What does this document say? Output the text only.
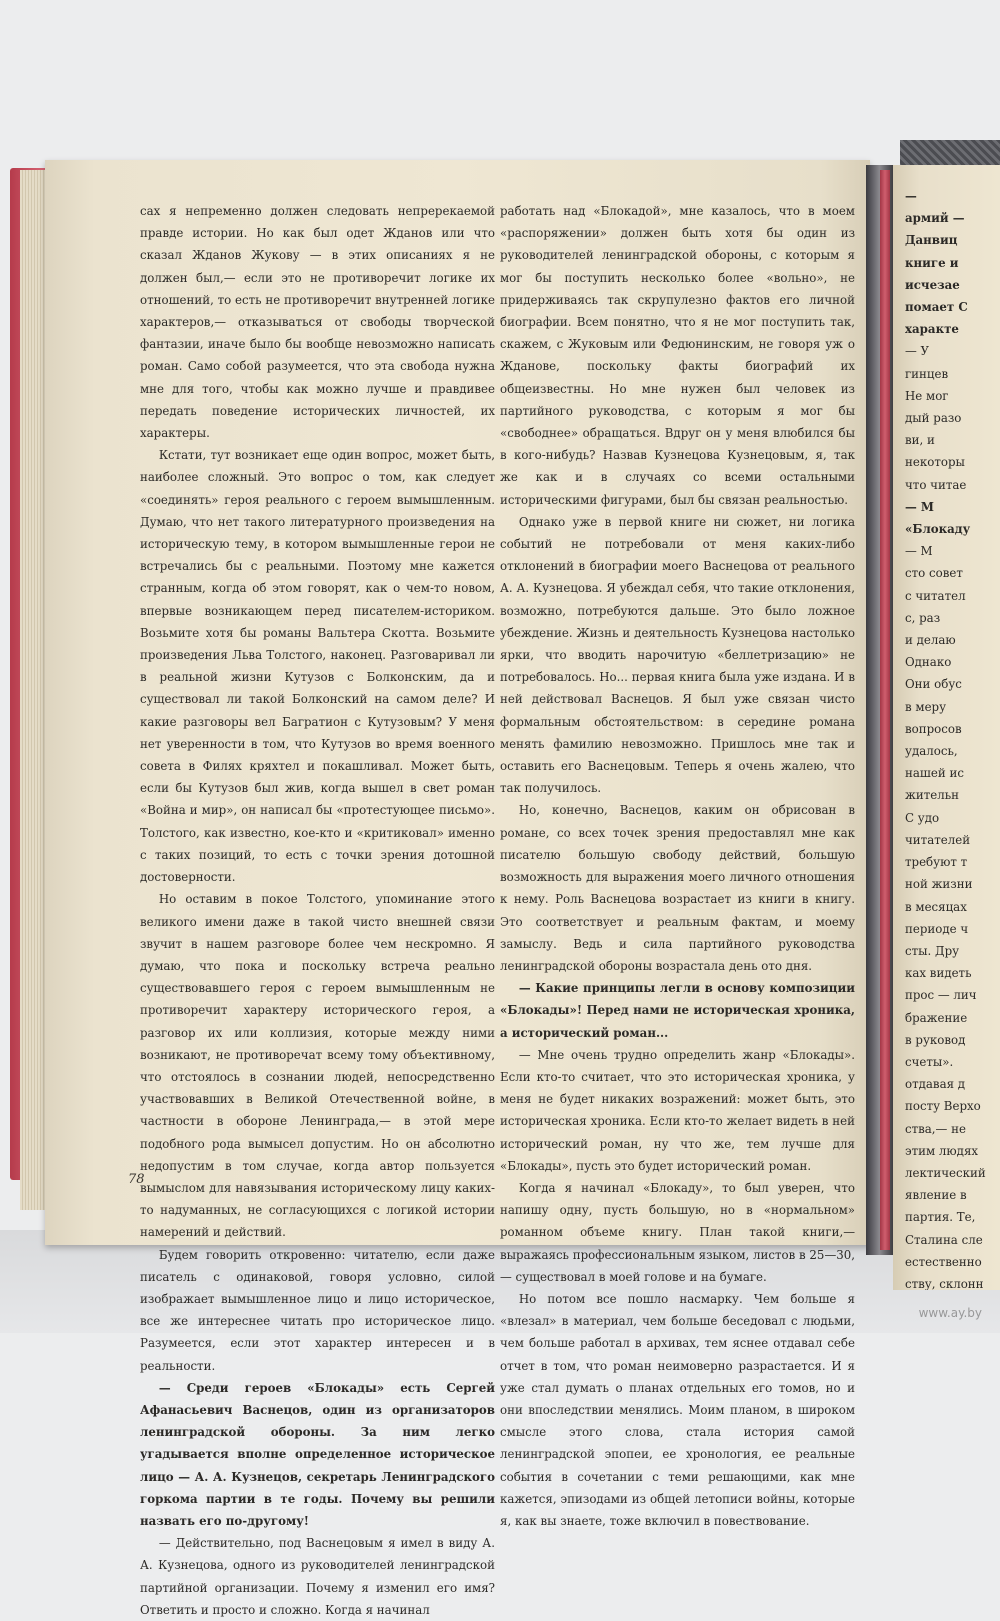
сах я непременно должен следовать непререкаемой правде истории. Но как был одет Жданов или что сказал Жданов Жукову — в этих описаниях я не должен был,— если это не противоречит логике их отношений, то есть не противоречит внутренней логике характеров,— отказываться от свободы творческой фантазии, иначе было бы вообще невозможно написать роман. Само собой разумеется, что эта свобода нужна мне для того, чтобы как можно лучше и правдивее передать поведение исторических личностей, их характеры.

Кстати, тут возникает еще один вопрос, может быть, наиболее сложный. Это вопрос о том, как следует «соединять» героя реального с героем вымышленным. Думаю, что нет такого литературного произведения на историческую тему, в котором вымышленные герои не встречались бы с реальными. Поэтому мне кажется странным, когда об этом говорят, как о чем-то новом, впервые возникающем перед писателем-историком. Возьмите хотя бы романы Вальтера Скотта. Возьмите произведения Льва Толстого, наконец. Разговаривал ли в реальной жизни Кутузов с Болконским, да и существовал ли такой Болконский на самом деле? И какие разговоры вел Багратион с Кутузовым? У меня нет уверенности в том, что Кутузов во время военного совета в Филях кряхтел и покашливал. Может быть, если бы Кутузов был жив, когда вышел в свет роман «Война и мир», он написал бы «протестующее письмо». Толстого, как известно, кое-кто и «критиковал» именно с таких позиций, то есть с точки зрения дотошной достоверности.

Но оставим в покое Толстого, упоминание этого великого имени даже в такой чисто внешней связи звучит в нашем разговоре более чем нескромно. Я думаю, что пока и поскольку встреча реально существовавшего героя с героем вымышленным не противоречит характеру исторического героя, а разговор их или коллизия, которые между ними возникают, не противоречат всему тому объективному, что отстоялось в сознании людей, непосредственно участвовавших в Великой Отечественной войне, в частности в обороне Ленинграда,— в этой мере подобного рода вымысел допустим. Но он абсолютно недопустим в том случае, когда автор пользуется вымыслом для навязывания историческому лицу каких-то надуманных, не согласующихся с логикой истории намерений и действий.

Будем говорить откровенно: читателю, если даже писатель с одинаковой, говоря условно, силой изображает вымышленное лицо и лицо историческое, все же интереснее читать про историческое лицо. Разумеется, если этот характер интересен и в реальности.

— Среди героев «Блокады» есть Сергей Афанасьевич Васнецов, один из организаторов ленинградской обороны. За ним легко угадывается вполне определенное историческое лицо — А. А. Кузнецов, секретарь Ленинградского горкома партии в те годы. Почему вы решили назвать его по-другому!

— Действительно, под Васнецовым я имел в виду А. А. Кузнецова, одного из руководителей ленинградской партийной организации. Почему я изменил его имя? Ответить и просто и сложно. Когда я начинал

работать над «Блокадой», мне казалось, что в моем «распоряжении» должен быть хотя бы один из руководителей ленинградской обороны, с которым я мог бы поступить несколько более «вольно», не придерживаясь так скрупулезно фактов его личной биографии. Всем понятно, что я не мог поступить так, скажем, с Жуковым или Федюнинским, не говоря уж о Жданове, поскольку факты биографий их общеизвестны. Но мне нужен был человек из партийного руководства, с которым я мог бы «свободнее» обращаться. Вдруг он у меня влюбился бы в кого-нибудь? Назвав Кузнецова Кузнецовым, я, так же как и в случаях со всеми остальными историческими фигурами, был бы связан реальностью.

Однако уже в первой книге ни сюжет, ни логика событий не потребовали от меня каких-либо отклонений в биографии моего Васнецова от реального А. А. Кузнецова. Я убеждал себя, что такие отклонения, возможно, потребуются дальше. Это было ложное убеждение. Жизнь и деятельность Кузнецова настолько ярки, что вводить нарочитую «беллетризацию» не потребовалось. Но... первая книга была уже издана. И в ней действовал Васнецов. Я был уже связан чисто формальным обстоятельством: в середине романа менять фамилию невозможно. Пришлось мне так и оставить его Васнецовым. Теперь я очень жалею, что так получилось.

Но, конечно, Васнецов, каким он обрисован в романе, со всех точек зрения предоставлял мне как писателю большую свободу действий, большую возможность для выражения моего личного отношения к нему. Роль Васнецова возрастает из книги в книгу. Это соответствует и реальным фактам, и моему замыслу. Ведь и сила партийного руководства ленинградской обороны возрастала день ото дня.

— Какие принципы легли в основу композиции «Блокады»! Перед нами не историческая хроника, а исторический роман...

— Мне очень трудно определить жанр «Блокады». Если кто-то считает, что это историческая хроника, у меня не будет никаких возражений: может быть, это историческая хроника. Если кто-то желает видеть в ней исторический роман, ну что же, тем лучше для «Блокады», пусть это будет исторический роман.

Когда я начинал «Блокаду», то был уверен, что напишу одну, пусть большую, но в «нормальном» романном объеме книгу. План такой книги,— выражаясь профессиональным языком, листов в 25—30,— существовал в моей голове и на бумаге.

Но потом все пошло насмарку. Чем больше я «влезал» в материал, чем больше беседовал с людьми, чем больше работал в архивах, тем яснее отдавал себе отчет в том, что роман неимоверно разрастается. И я уже стал думать о планах отдельных его томов, но и они впоследствии менялись. Моим планом, в широком смысле этого слова, стала история самой ленинградской эпопеи, ее хронология, ее реальные события в сочетании с теми решающими, как мне кажется, эпизодами из общей летописи войны, которые я, как вы знаете, тоже включил в повествование.

78
—
армий —
Данвиц
книге и
исчезае
помает С
характе
— У
гинцев
Не мог
дый разо
ви, и
некоторы
что читае
— М
«Блокаду
— М
сто совет
с читател
с, раз
и делаю
Однако
Они обус
в меру
вопросов
удалось,
нашей ис
жительн
С удо
читателей
требуют т
ной жизни
в месяцах
периоде ч
сты. Дру
ках видеть
прос — лич
бражение
в руковод
счеты».
отдавая д
посту Верхо
ства,— не
этим людях
лектический
явление в
партия. Те,
Сталина сле
естественно
ству, склонн
www.ay.by
